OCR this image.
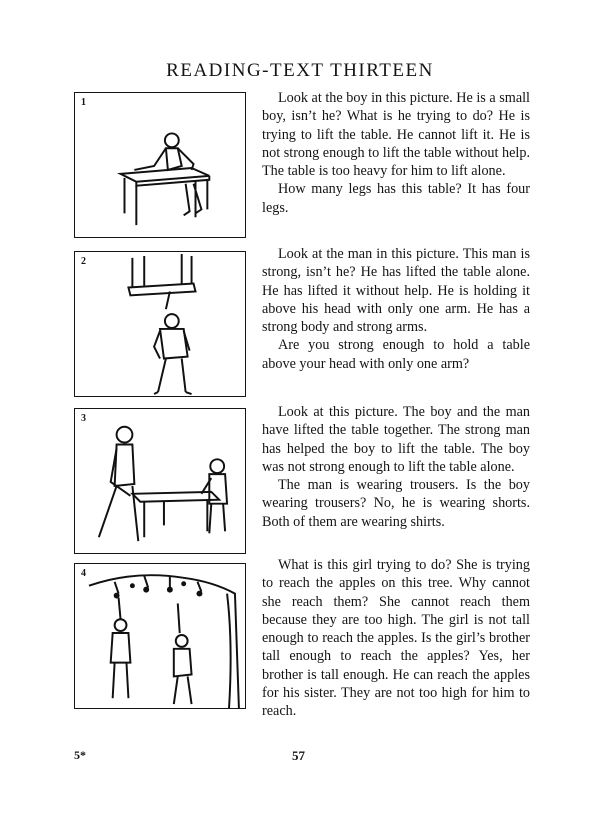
READING-TEXT THIRTEEN
1
2
3
4

Look at the boy in this picture. He is a small boy, isn’t he? What is he trying to do? He is trying to lift the table. He cannot lift it. He is not strong enough to lift the table without help. The table is too heavy for him to lift alone.

How many legs has this table? It has four legs.

Look at the man in this picture. This man is strong, isn’t he? He has lifted the table alone. He has lifted it without help. He is holding it above his head with only one arm. He has a strong body and strong arms.

Are you strong enough to hold a table above your head with only one arm?

Look at this picture. The boy and the man have lifted the table together. The strong man has helped the boy to lift the table. The boy was not strong enough to lift the table alone.

The man is wearing trousers. Is the boy wearing trousers? No, he is wearing shorts. Both of them are wearing shirts.

What is this girl trying to do? She is trying to reach the apples on this tree. Why cannot she reach them? She cannot reach them because they are too high. The girl is not tall enough to reach the apples. Is the girl’s brother tall enough to reach the apples? Yes, her brother is tall enough. He can reach the apples for his sister. They are not too high for him to reach.

5*	57
